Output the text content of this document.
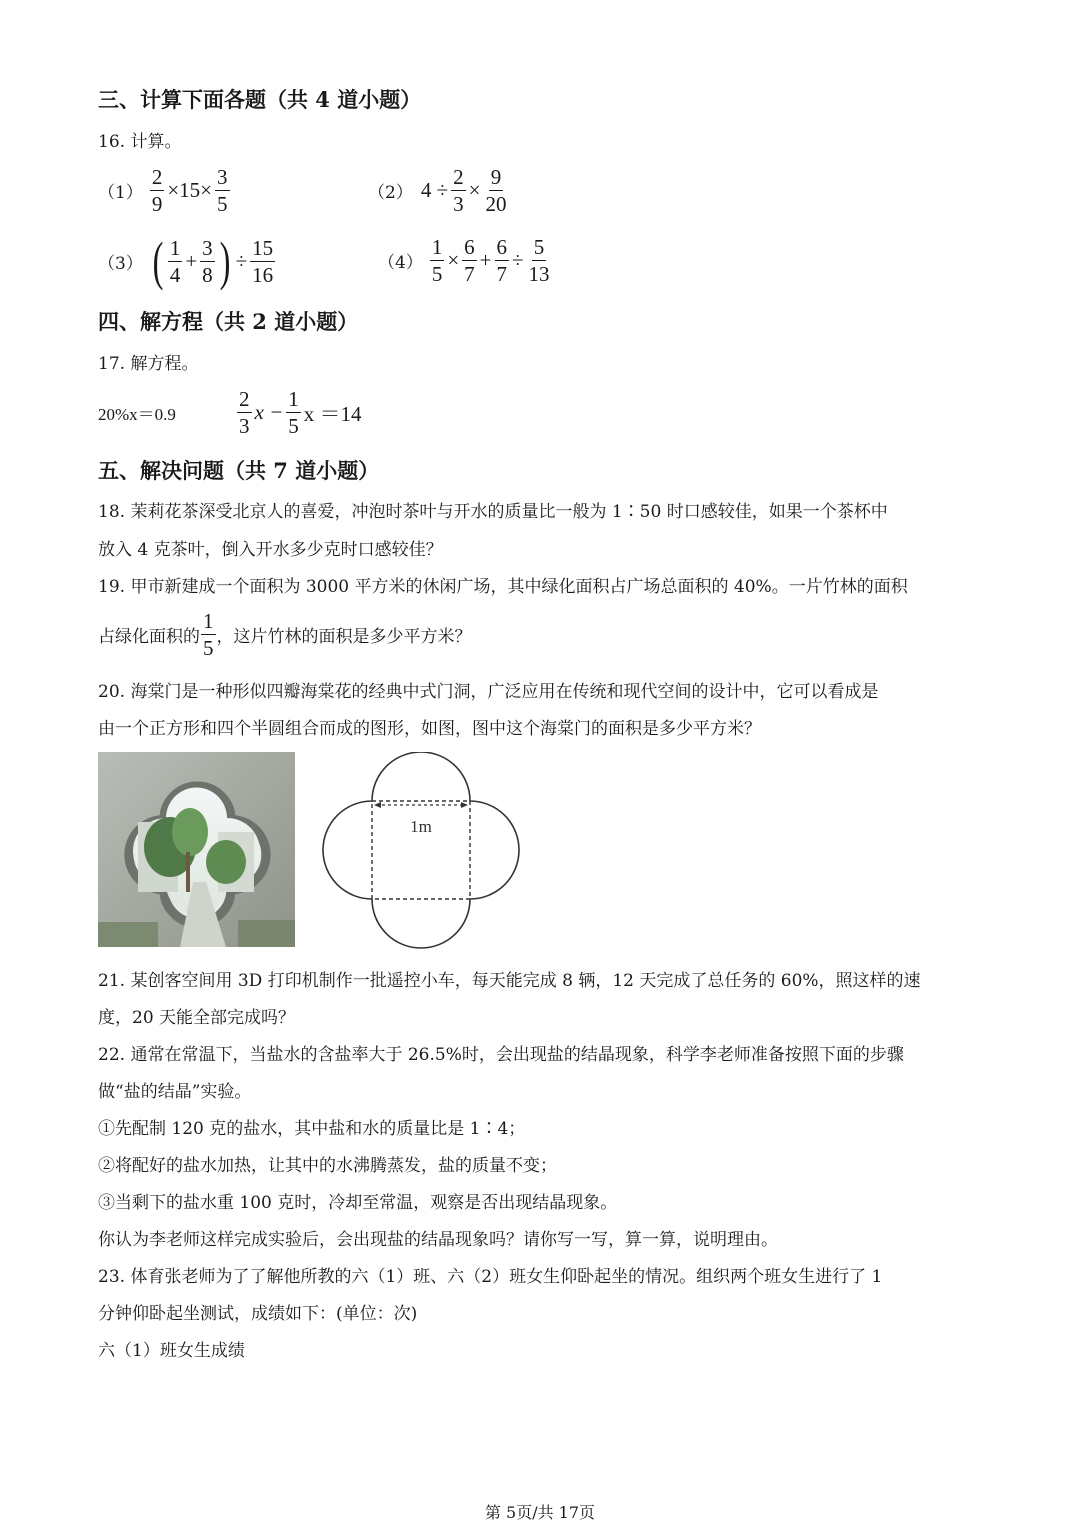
三、计算下面各题（共 4 道小题）
16. 计算。
$(1) \frac{2}{9} \times 15\times \frac{3}{5}$	（2） $4 \div \frac{2}{3} \times \frac{9}{20}$
（3） ( $\frac{1}{4} + \frac{3}{8}$ ) ÷ $\frac{15}{16}$	$(4) \frac{1}{5} \times \frac{6}{7} + \frac{6}{7} \div \frac{5}{13}$
四、解方程（共 2 道小题）
17. 解方程。
20%x＝0.9	$\frac{2}{3}$ $x - \frac{1}{5}$ x ＝14
五、解决问题（共 7 道小题）
18. 茉莉花茶深受北京人的喜爱，冲泡时茶叶与开水的质量比一般为 1∶50 时口感较佳，如果一个茶杯中
放入 4 克茶叶，倒入开水多少克时口感较佳？
19. 甲市新建成一个面积为 3000 平方米的休闲广场，其中绿化面积占广场总面积的 40%。一片竹林的面积
占绿化面积的 $\frac{1}{5}$ ，这片竹林的面积是多少平方米？
20. 海棠门是一种形似四瓣海棠花的经典中式门洞，广泛应用在传统和现代空间的设计中，它可以看成是
由一个正方形和四个半圆组合而成的图形，如图，图中这个海棠门的面积是多少平方米？
1m
21. 某创客空间用 3D 打印机制作一批遥控小车，每天能完成 8 辆，12 天完成了总任务的 60%，照这样的速
度，20 天能全部完成吗？
22. 通常在常温下，当盐水的含盐率大于 26.5%时，会出现盐的结晶现象，科学李老师准备按照下面的步骤
做“盐的结晶”实验。
①先配制 120 克的盐水，其中盐和水的质量比是 1∶4；
②将配好的盐水加热，让其中的水沸腾蒸发，盐的质量不变；
③当剩下的盐水重 100 克时，冷却至常温，观察是否出现结晶现象。
你认为李老师这样完成实验后，会出现盐的结晶现象吗？请你写一写，算一算，说明理由。
23. 体育张老师为了了解他所教的六（1）班、六（2）班女生仰卧起坐的情况。组织两个班女生进行了 1
分钟仰卧起坐测试，成绩如下：(单位：次)
六（1）班女生成绩
第 5页/共 17页
